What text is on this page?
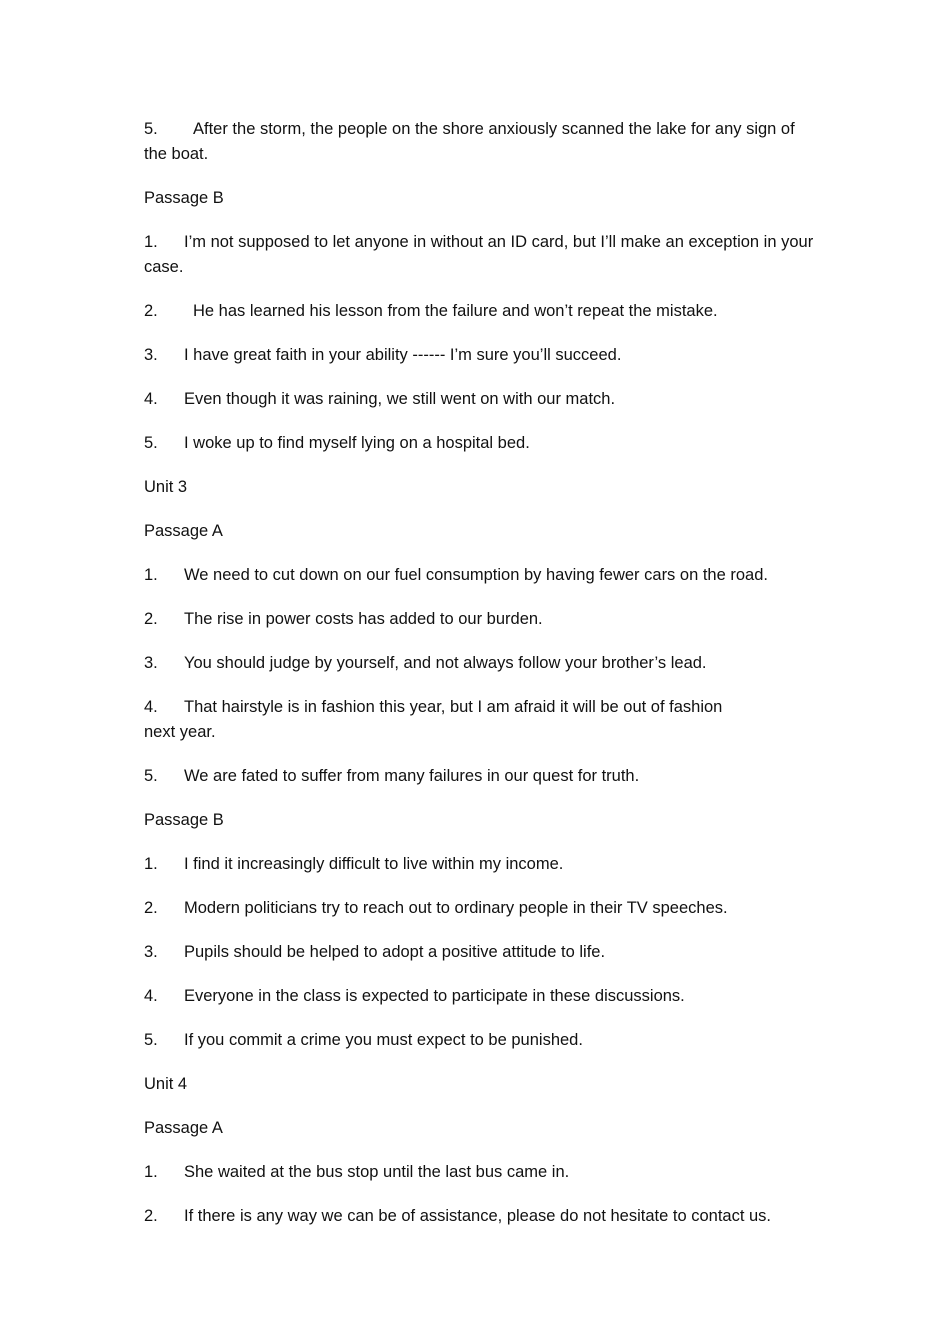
5. After the storm, the people on the shore anxiously scanned the lake for any sign of the boat.

Passage B

1. I’m not supposed to let anyone in without an ID card, but I’ll make an exception in your case.

2. He has learned his lesson from the failure and won’t repeat the mistake.

3. I have great faith in your ability ------ I’m sure you’ll succeed.

4. Even though it was raining, we still went on with our match.

5. I woke up to find myself lying on a hospital bed.

Unit 3

Passage A

1. We need to cut down on our fuel consumption by having fewer cars on the road.

2. The rise in power costs has added to our burden.

3. You should judge by yourself, and not always follow your brother’s lead.

4. That hairstyle is in fashion this year, but I am afraid it will be out of fashion
next year.

5. We are fated to suffer from many failures in our quest for truth.

Passage B

1. I find it increasingly difficult to live within my income.

2. Modern politicians try to reach out to ordinary people in their TV speeches.

3. Pupils should be helped to adopt a positive attitude to life.

4. Everyone in the class is expected to participate in these discussions.

5. If you commit a crime you must expect to be punished.

Unit 4

Passage A

1. She waited at the bus stop until the last bus came in.

2. If there is any way we can be of assistance, please do not hesitate to contact us.
